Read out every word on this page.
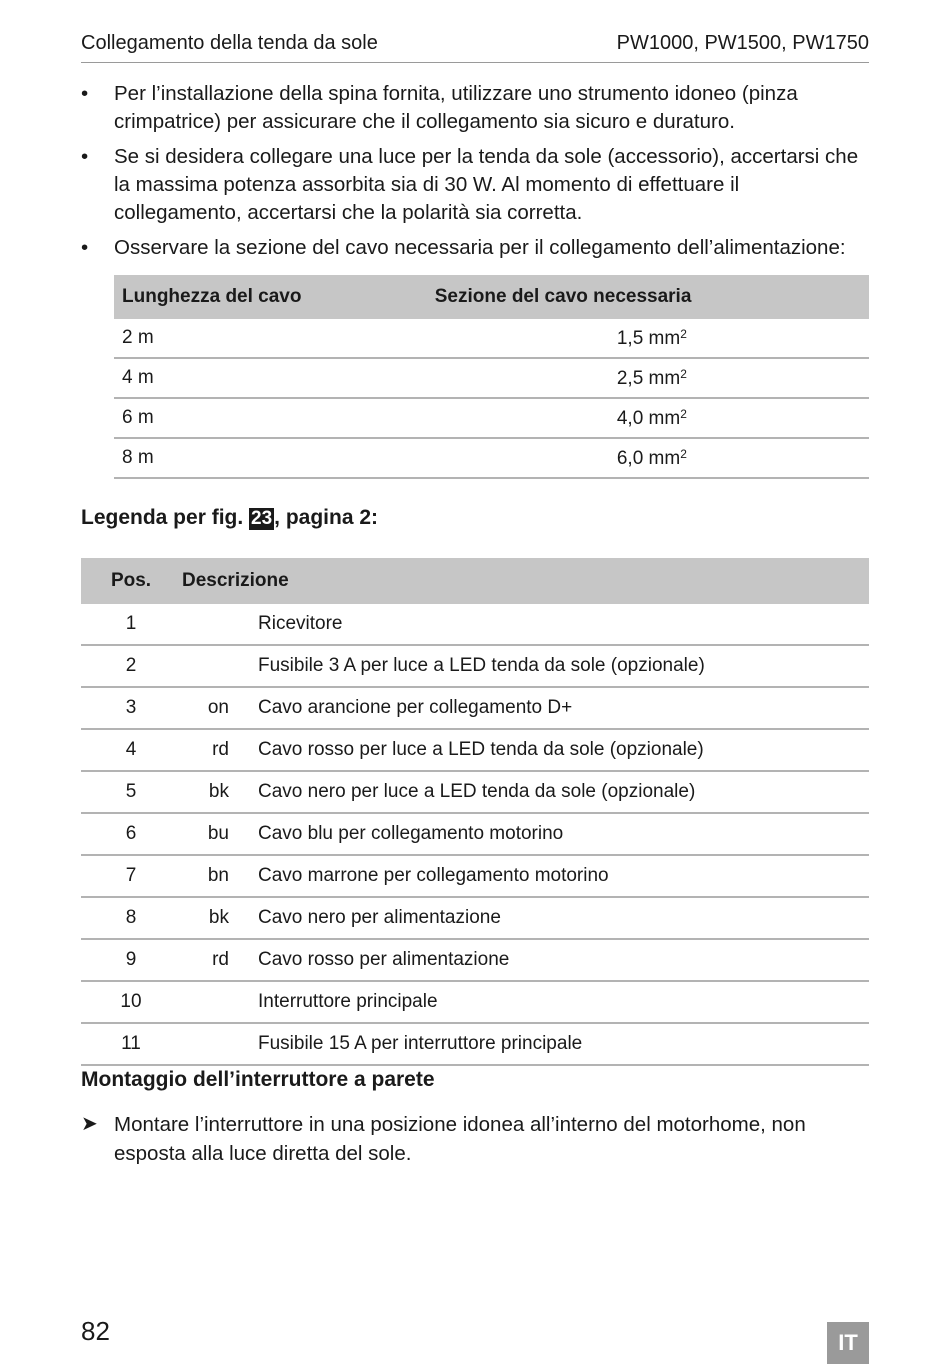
Collegamento della tenda da sole	PW1000, PW1500, PW1750
• Per l’installazione della spina fornita, utilizzare uno strumento idoneo (pinza crimpatrice) per assicurare che il collegamento sia sicuro e duraturo.
• Se si desidera collegare una luce per la tenda da sole (accessorio), accertarsi che la massima potenza assorbita sia di 30 W. Al momento di effettuare il collegamento, accertarsi che la polarità sia corretta.
• Osservare la sezione del cavo necessaria per il collegamento dell’alimentazione:
Lunghezza del cavo	Sezione del cavo necessaria
2 m	1,5 $mm^2$
4 m	2,5 $mm^2$
6 m	4,0 $mm^2$
8 m	6,0 $mm^2$
Legenda per fig. 23, pagina 2:
Pos.	Descrizione	
1		Ricevitore
2		Fusibile 3 A per luce a LED tenda da sole (opzionale)
3	on	Cavo arancione per collegamento D+
4	rd	Cavo rosso per luce a LED tenda da sole (opzionale)
5	bk	Cavo nero per luce a LED tenda da sole (opzionale)
6	bu	Cavo blu per collegamento motorino
7	bn	Cavo marrone per collegamento motorino
8	bk	Cavo nero per alimentazione
9	rd	Cavo rosso per alimentazione
10		Interruttore principale
11		Fusibile 15 A per interruttore principale
Montaggio dell’interruttore a parete
➤ Montare l’interruttore in una posizione idonea all’interno del motorhome, non esposta alla luce diretta del sole.
82	IT
